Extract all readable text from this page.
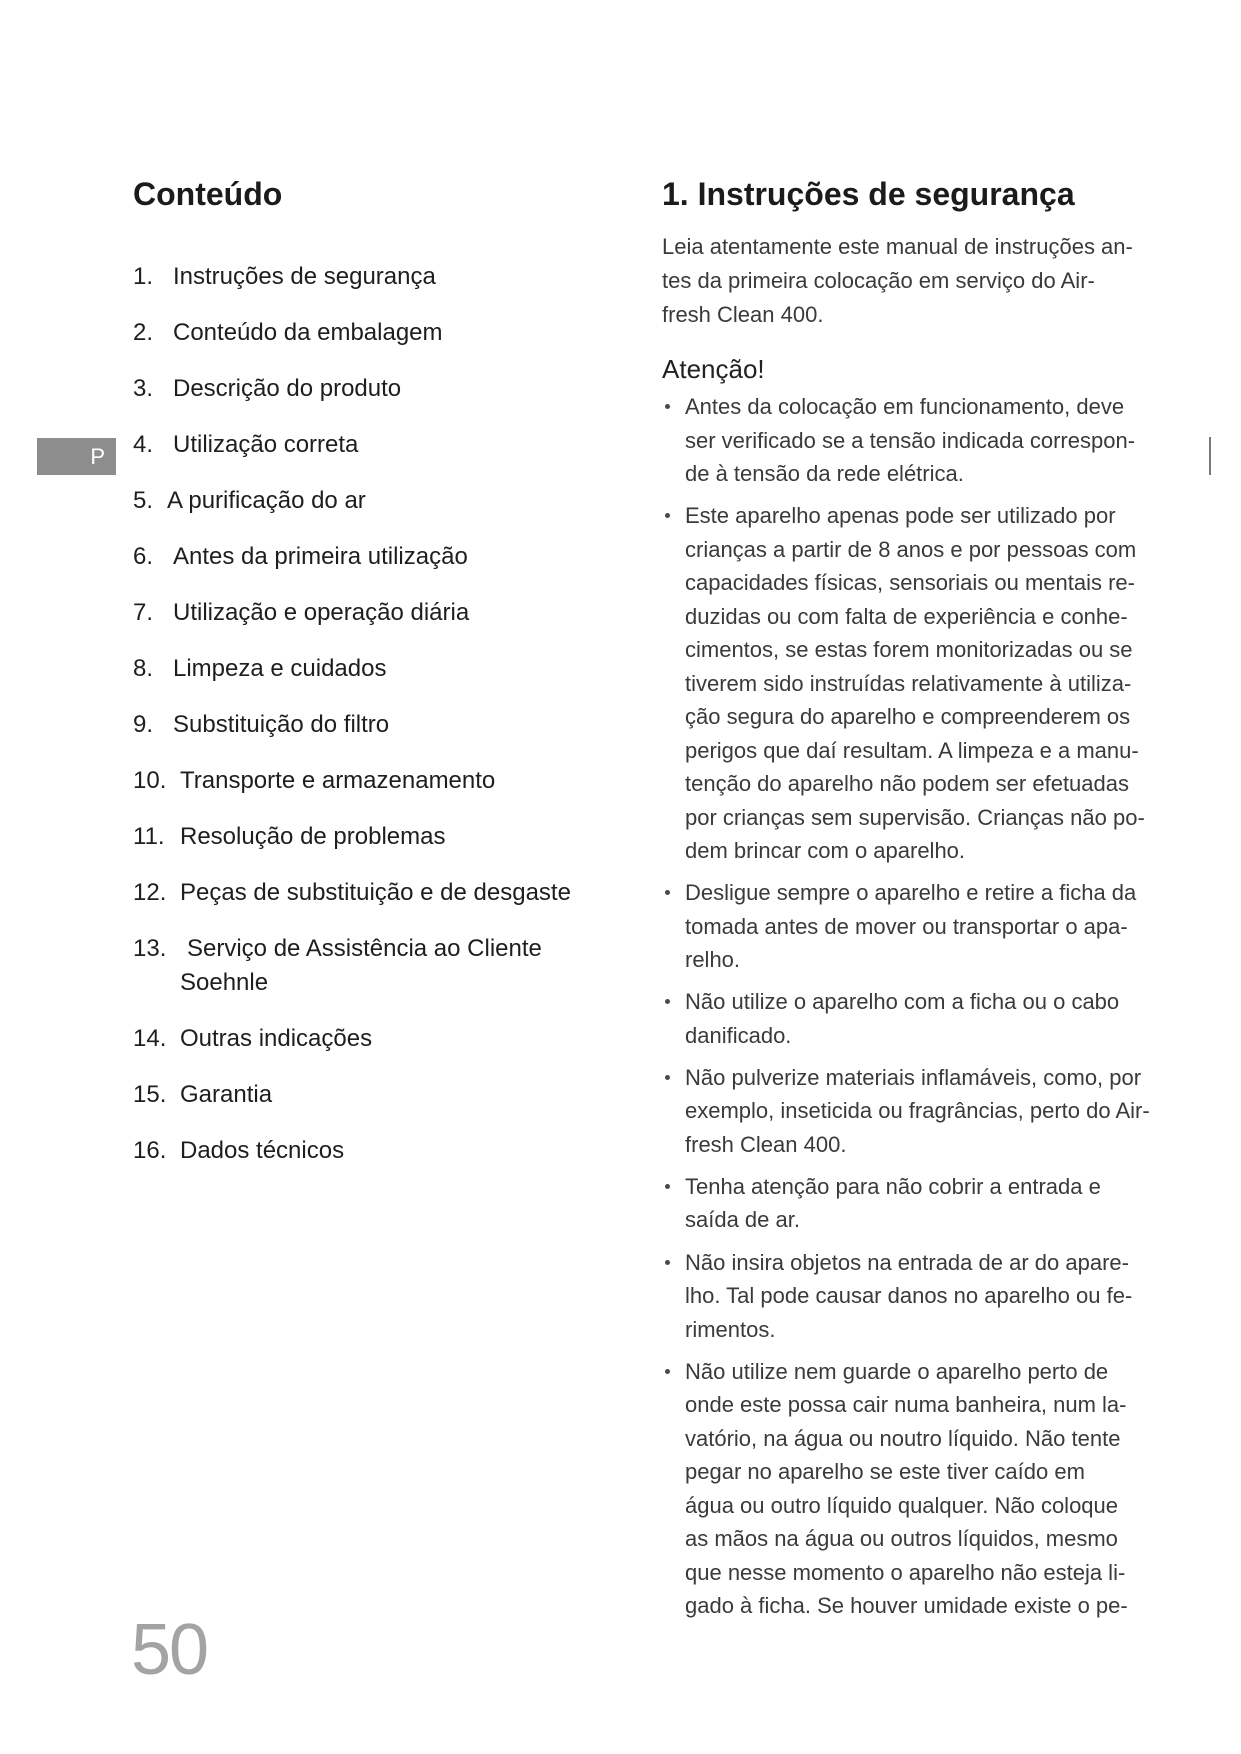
P
Conteúdo
1. Instruções de segurança
2. Conteúdo da embalagem
3. Descrição do produto
4. Utilização correta
5. A purificação do ar
6. Antes da primeira utilização
7. Utilização e operação diária
8. Limpeza e cuidados
9. Substituição do filtro
10. Transporte e armazenamento
11. Resolução de problemas
12. Peças de substituição e de desgaste
13. Serviço de Assistência ao Cliente
Soehnle
14. Outras indicações
15. Garantia
16. Dados técnicos
1. Instruções de segurança
Leia atentamente este manual de instruções an-
tes da primeira colocação em serviço do Air-
fresh Clean 400.
Atenção!
Antes da colocação em funcionamento, deve
ser verificado se a tensão indicada correspon-
de à tensão da rede elétrica.
Este aparelho apenas pode ser utilizado por
crianças a partir de 8 anos e por pessoas com
capacidades físicas, sensoriais ou mentais re-
duzidas ou com falta de experiência e conhe-
cimentos, se estas forem monitorizadas ou se
tiverem sido instruídas relativamente à utiliza-
ção segura do aparelho e compreenderem os
perigos que daí resultam. A limpeza e a manu-
tenção do aparelho não podem ser efetuadas
por crianças sem supervisão. Crianças não po-
dem brincar com o aparelho.
Desligue sempre o aparelho e retire a ficha da
tomada antes de mover ou transportar o apa-
relho.
Não utilize o aparelho com a ficha ou o cabo
danificado.
Não pulverize materiais inflamáveis, como, por
exemplo, inseticida ou fragrâncias, perto do Air-
fresh Clean 400.
Tenha atenção para não cobrir a entrada e
saída de ar.
Não insira objetos na entrada de ar do apare-
lho. Tal pode causar danos no aparelho ou fe-
rimentos.
Não utilize nem guarde o aparelho perto de
onde este possa cair numa banheira, num la-
vatório, na água ou noutro líquido. Não tente
pegar no aparelho se este tiver caído em
água ou outro líquido qualquer. Não coloque
as mãos na água ou outros líquidos, mesmo
que nesse momento o aparelho não esteja li-
gado à ficha. Se houver umidade existe o pe-
50
